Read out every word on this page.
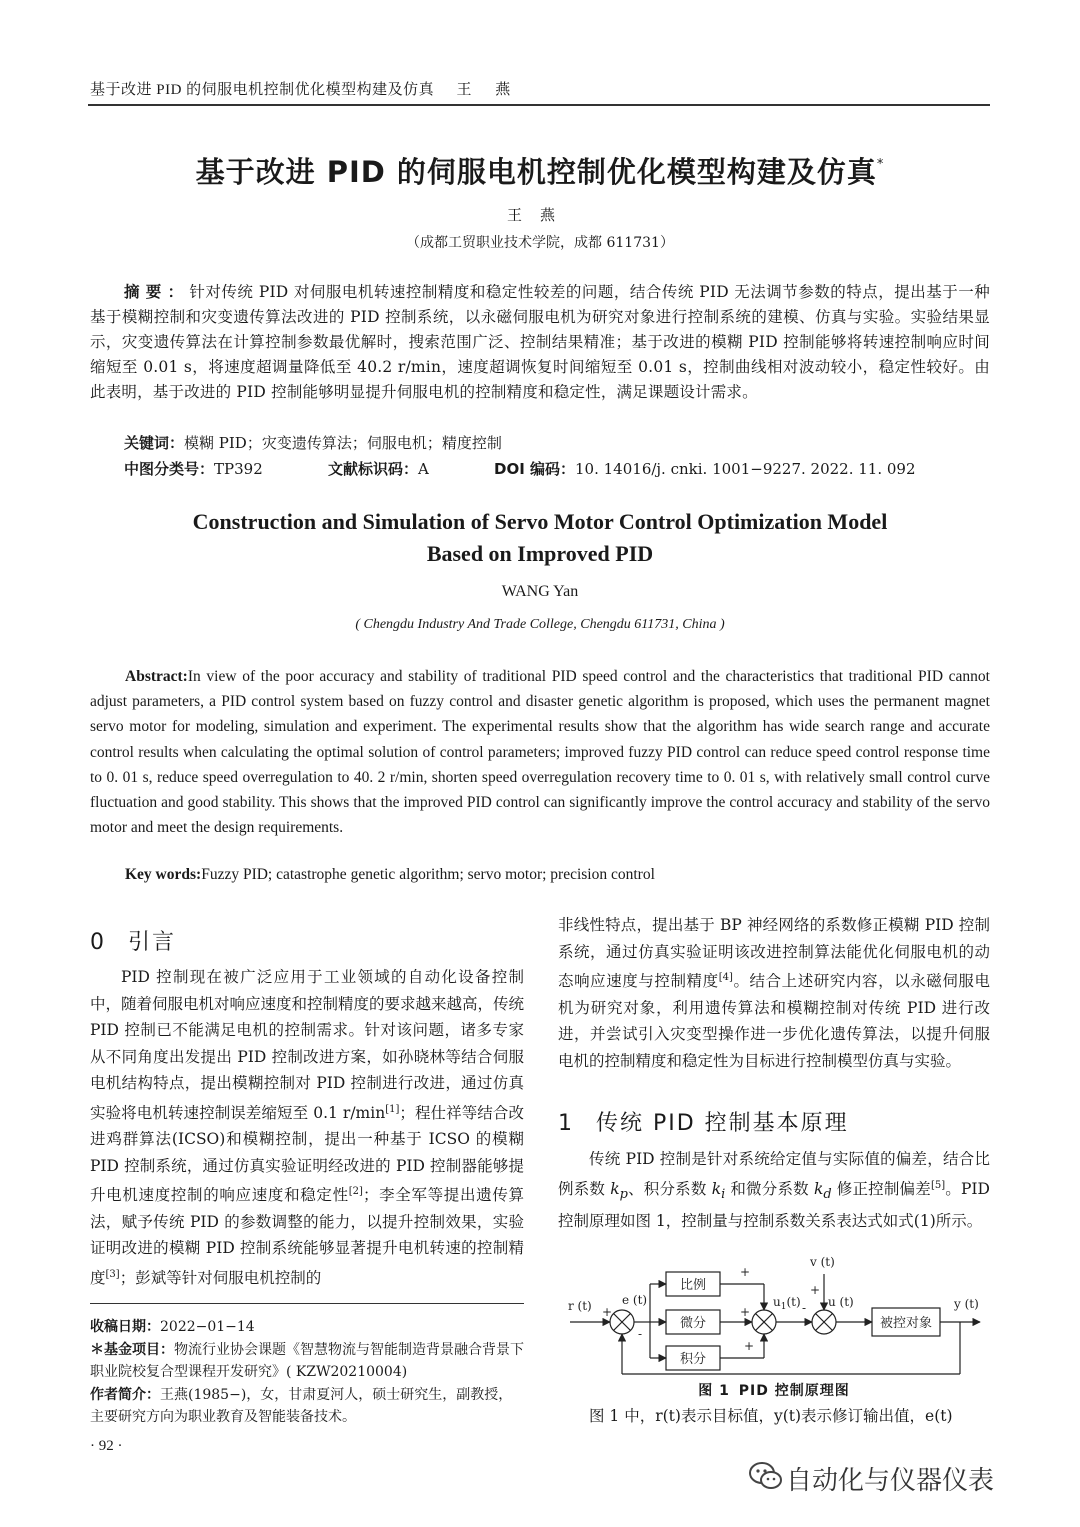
基于改进 PID 的伺服电机控制优化模型构建及仿真 王 燕
基于改进 PID 的伺服电机控制优化模型构建及仿真*
王燕
（成都工贸职业技术学院，成都 611731）
摘要：针对传统 PID 对伺服电机转速控制精度和稳定性较差的问题，结合传统 PID 无法调节参数的特点，提出基于一种基于模糊控制和灾变遗传算法改进的 PID 控制系统，以永磁伺服电机为研究对象进行控制系统的建模、仿真与实验。实验结果显示，灾变遗传算法在计算控制参数最优解时，搜索范围广泛、控制结果精准；基于改进的模糊 PID 控制能够将转速控制响应时间缩短至 0.01 s，将速度超调量降低至 40.2 r/min，速度超调恢复时间缩短至 0.01 s，控制曲线相对波动较小，稳定性较好。由此表明，基于改进的 PID 控制能够明显提升伺服电机的控制精度和稳定性，满足课题设计需求。
关键词：模糊 PID；灾变遗传算法；伺服电机；精度控制
中图分类号：TP392	文献标识码：A	DOI 编码：10. 14016/j. cnki. 1001−9227. 2022. 11. 092
Construction and Simulation of Servo Motor Control Optimization Model
Based on Improved PID
WANG Yan
( Chengdu Industry And Trade College, Chengdu 611731, China )
Abstract:In view of the poor accuracy and stability of traditional PID speed control and the characteristics that traditional PID cannot adjust parameters, a PID control system based on fuzzy control and disaster genetic algorithm is proposed, which uses the permanent magnet servo motor for modeling, simulation and experiment. The experimental results show that the algorithm has wide search range and accurate control results when calculating the optimal solution of control parameters; improved fuzzy PID control can reduce speed control response time to 0. 01 s, reduce speed overregulation to 40. 2 r/min, shorten speed overregulation recovery time to 0. 01 s, with relatively small control curve fluctuation and good stability. This shows that the improved PID control can significantly improve the control accuracy and stability of the servo motor and meet the design requirements.
Key words:Fuzzy PID; catastrophe genetic algorithm; servo motor; precision control
0 引言

PID 控制现在被广泛应用于工业领域的自动化设备控制中，随着伺服电机对响应速度和控制精度的要求越来越高，传统 PID 控制已不能满足电机的控制需求。针对该问题，诸多专家从不同角度出发提出 PID 控制改进方案，如孙晓林等结合伺服电机结构特点，提出模糊控制对 PID 控制进行改进，通过仿真实验将电机转速控制误差缩短至 0.1 r/min[1]；程仕祥等结合改进鸡群算法(ICSO)和模糊控制，提出一种基于 ICSO 的模糊 PID 控制系统，通过仿真实验证明经改进的 PID 控制器能够提升电机速度控制的响应速度和稳定性[2]；李全军等提出遗传算法，赋予传统 PID 的参数调整的能力，以提升控制效果，实验证明改进的模糊 PID 控制系统能够显著提升电机转速的控制精度[3]；彭斌等针对伺服电机控制的

收稿日期：2022−01−14
＊基金项目：物流行业协会课题《智慧物流与智能制造背景融合背景下职业院校复合型课程开发研究》( KZW20210004)
作者简介：王燕(1985−)，女，甘肃夏河人，硕士研究生，副教授，主要研究方向为职业教育及智能装备技术。
· 92 ·

非线性特点，提出基于 BP 神经网络的系数修正模糊 PID 控制系统，通过仿真实验证明该改进控制算法能优化伺服电机的动态响应速度与控制精度[4]。结合上述研究内容，以永磁伺服电机为研究对象，利用遗传算法和模糊控制对传统 PID 进行改进，并尝试引入灾变型操作进一步优化遗传算法，以提升伺服电机的控制精度和稳定性为目标进行控制模型仿真与实验。

1 传统 PID 控制基本原理

传统 PID 控制是针对系统给定值与实际值的偏差，结合比例系数 $k_p$、积分系数 $k_i$ 和微分系数 $k_d$ 修正控制偏差[5]。PID 控制原理如图 1，控制量与控制系数关系表达式如式(1)所示。

比例
微分
积分
被控对象
r (t)	e (t)	$u_1(t)$ u (t)
v (t)
y (t)
+
-
+
+
+
-
+
图 1 PID 控制原理图
图 1 中，r(t)表示目标值，y(t)表示修订输出值，e(t)
自动化与仪器仪表
